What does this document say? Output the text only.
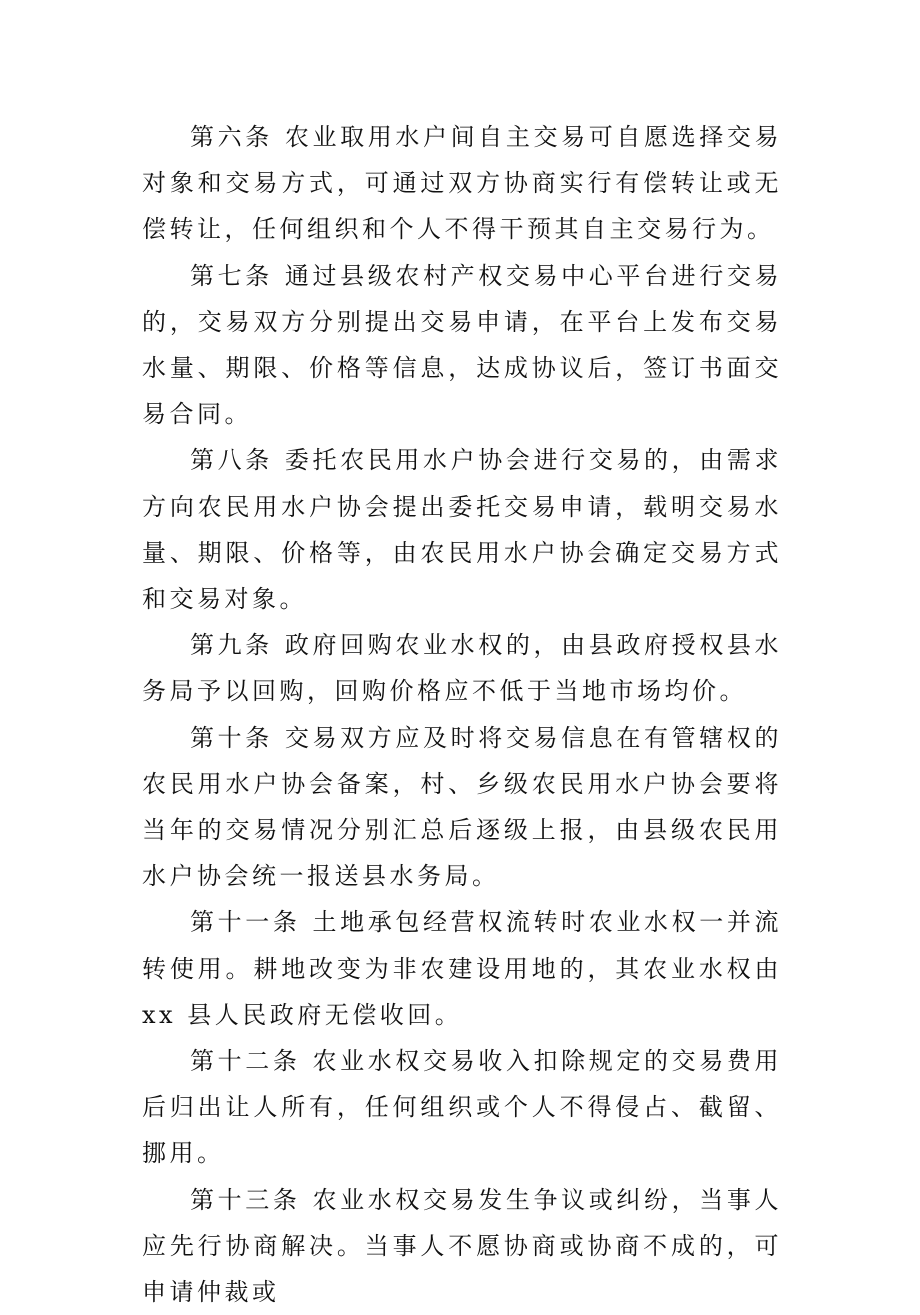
第六条 农业取用水户间自主交易可自愿选择交易对象和交易方式，可通过双方协商实行有偿转让或无偿转让，任何组织和个人不得干预其自主交易行为。

第七条 通过县级农村产权交易中心平台进行交易的，交易双方分别提出交易申请，在平台上发布交易水量、期限、价格等信息，达成协议后，签订书面交易合同。

第八条 委托农民用水户协会进行交易的，由需求方向农民用水户协会提出委托交易申请，载明交易水量、期限、价格等，由农民用水户协会确定交易方式和交易对象。

第九条 政府回购农业水权的，由县政府授权县水务局予以回购，回购价格应不低于当地市场均价。

第十条 交易双方应及时将交易信息在有管辖权的农民用水户协会备案，村、乡级农民用水户协会要将当年的交易情况分别汇总后逐级上报，由县级农民用水户协会统一报送县水务局。

第十一条 土地承包经营权流转时农业水权一并流转使用。耕地改变为非农建设用地的，其农业水权由 xx 县人民政府无偿收回。

第十二条 农业水权交易收入扣除规定的交易费用后归出让人所有，任何组织或个人不得侵占、截留、挪用。

第十三条 农业水权交易发生争议或纠纷，当事人应先行协商解决。当事人不愿协商或协商不成的，可申请仲裁或
